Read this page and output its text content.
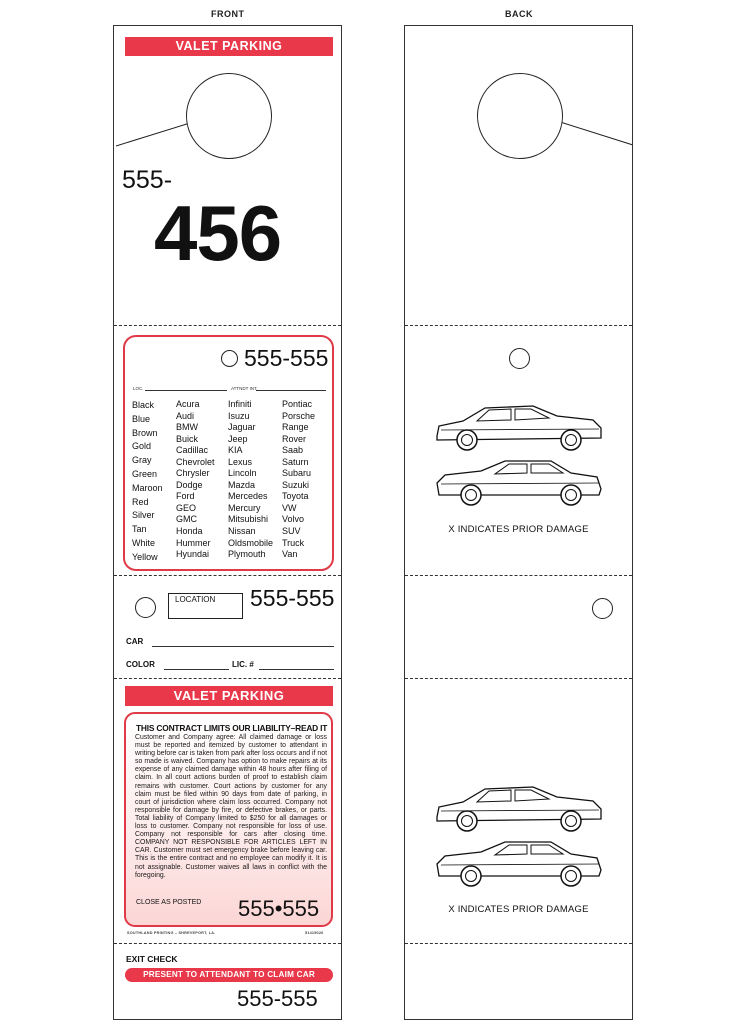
FRONT	BACK
VALET PARKING
555-
456
555-555
LOC.	ATTNDT INT.
Black
Blue
Brown
Gold
Gray
Green
Maroon
Red
Silver
Tan
White
Yellow
Acura
Audi
BMW
Buick
Cadillac
Chevrolet
Chrysler
Dodge
Ford
GEO
GMC
Honda
Hummer
Hyundai
Infiniti
Isuzu
Jaguar
Jeep
KIA
Lexus
Lincoln
Mazda
Mercedes
Mercury
Mitsubishi
Nissan
Oldsmobile
Plymouth
Pontiac
Porsche
Range
Rover
Saab
Saturn
Subaru
Suzuki
Toyota
VW
Volvo
SUV
Truck
Van
LOCATION	555-555
CAR
COLOR	LIC. #
VALET PARKING
THIS CONTRACT LIMITS OUR LIABILITY–READ IT
Customer and Company agree: All claimed damage or loss must be reported and itemized by customer to attendant in writing before car is taken from park after loss occurs and if not so made is waived. Company has option to make repairs at its expense of any claimed damage within 48 hours after filing of claim. In all court actions burden of proof to establish claim remains with customer. Court actions by customer for any claim must be filed within 90 days from date of parking, in court of jurisdiction where claim loss occurred. Company not responsible for damage by fire, or defective brakes, or parts. Total liability of Company limited to $250 for all damages or loss to customer. Company not responsible for loss of use. Company not responsible for cars after closing time. COMPANY NOT RESPONSIBLE FOR ARTICLES LEFT IN CAR. Customer must set emergency brake before leaving car. This is the entire contract and no employee can modify it. It is not assignable. Customer waives all laws in conflict with the foregoing.
CLOSE AS POSTED 555•555
SOUTHLAND PRINTING – SHREVEPORT, LA.	51415026
EXIT CHECK
PRESENT TO ATTENDANT TO CLAIM CAR
555-555
X INDICATES PRIOR DAMAGE
X INDICATES PRIOR DAMAGE
